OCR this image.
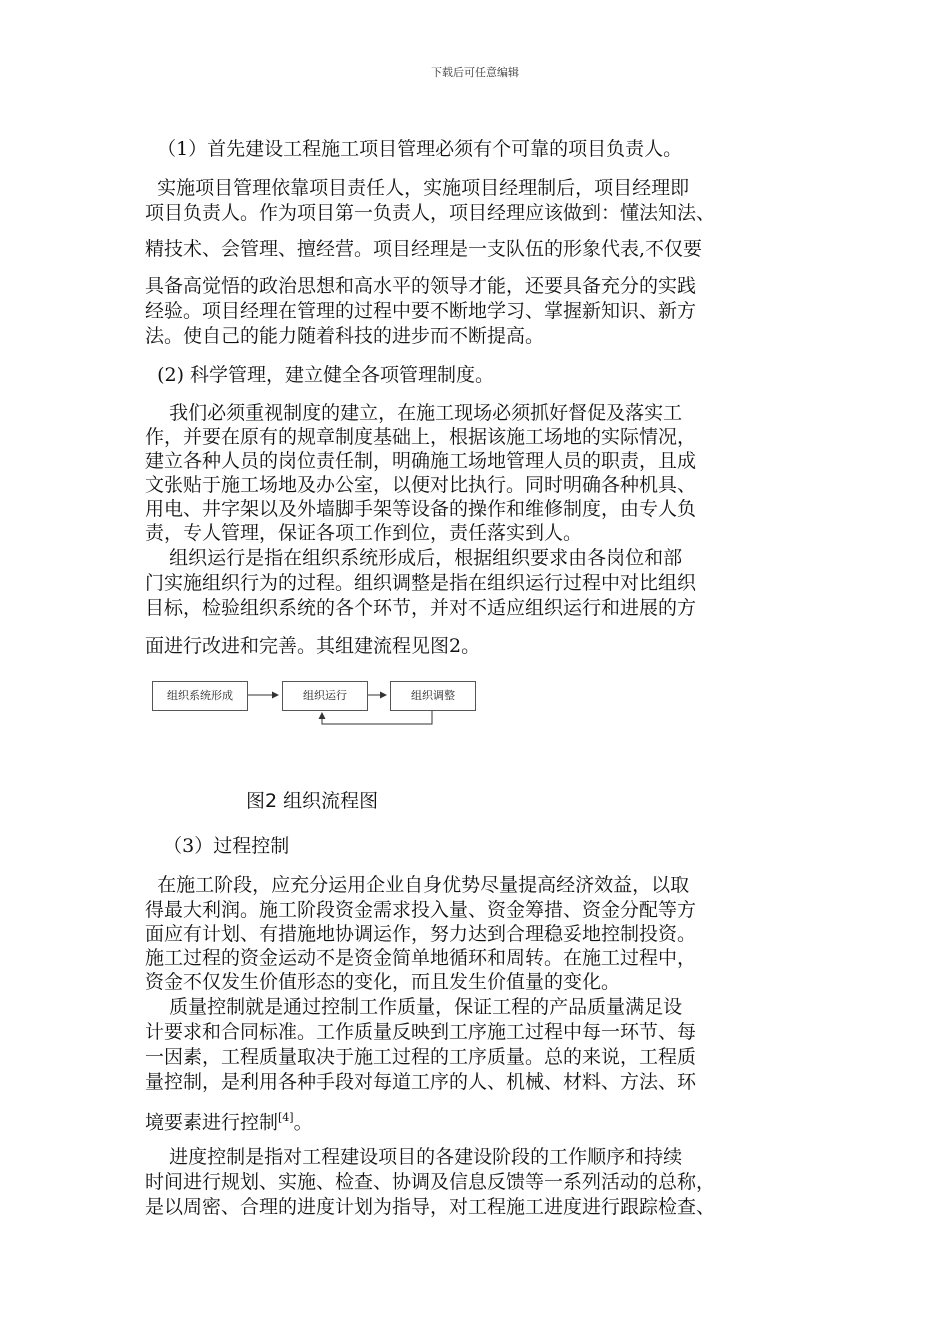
下载后可任意编辑

（1）首先建设工程施工项目管理必须有个可靠的项目负责人。

实施项目管理依靠项目责任人，实施项目经理制后，项目经理即

项目负责人。作为项目第一负责人，项目经理应该做到：懂法知法、

精技术、会管理、擅经营。项目经理是一支队伍的形象代表,不仅要

具备高觉悟的政治思想和高水平的领导才能，还要具备充分的实践

经验。项目经理在管理的过程中要不断地学习、掌握新知识、新方

法。使自己的能力随着科技的进步而不断提高。

(2) 科学管理，建立健全各项管理制度。

我们必须重视制度的建立，在施工现场必须抓好督促及落实工

作，并要在原有的规章制度基础上，根据该施工场地的实际情况，

建立各种人员的岗位责任制，明确施工场地管理人员的职责，且成

文张贴于施工场地及办公室，以便对比执行。同时明确各种机具、

用电、井字架以及外墙脚手架等设备的操作和维修制度，由专人负

责，专人管理，保证各项工作到位，责任落实到人。

组织运行是指在组织系统形成后，根据组织要求由各岗位和部

门实施组织行为的过程。组织调整是指在组织运行过程中对比组织

目标，检验组织系统的各个环节，并对不适应组织运行和进展的方

面进行改进和完善。其组建流程见图2。

（3）过程控制

在施工阶段，应充分运用企业自身优势尽量提高经济效益，以取

得最大利润。施工阶段资金需求投入量、资金筹措、资金分配等方

面应有计划、有措施地协调运作，努力达到合理稳妥地控制投资。

施工过程的资金运动不是资金简单地循环和周转。在施工过程中，

资金不仅发生价值形态的变化，而且发生价值量的变化。

质量控制就是通过控制工作质量，保证工程的产品质量满足设

计要求和合同标准。工作质量反映到工序施工过程中每一环节、每

一因素，工程质量取决于施工过程的工序质量。总的来说，工程质

量控制，是利用各种手段对每道工序的人、机械、材料、方法、环

进度控制是指对工程建设项目的各建设阶段的工作顺序和持续

时间进行规划、实施、检查、协调及信息反馈等一系列活动的总称，

是以周密、合理的进度计划为指导，对工程施工进度进行跟踪检查、

境要素进行控制[4]。

组织系统形成	组织运行	组织调整
图2 组织流程图
